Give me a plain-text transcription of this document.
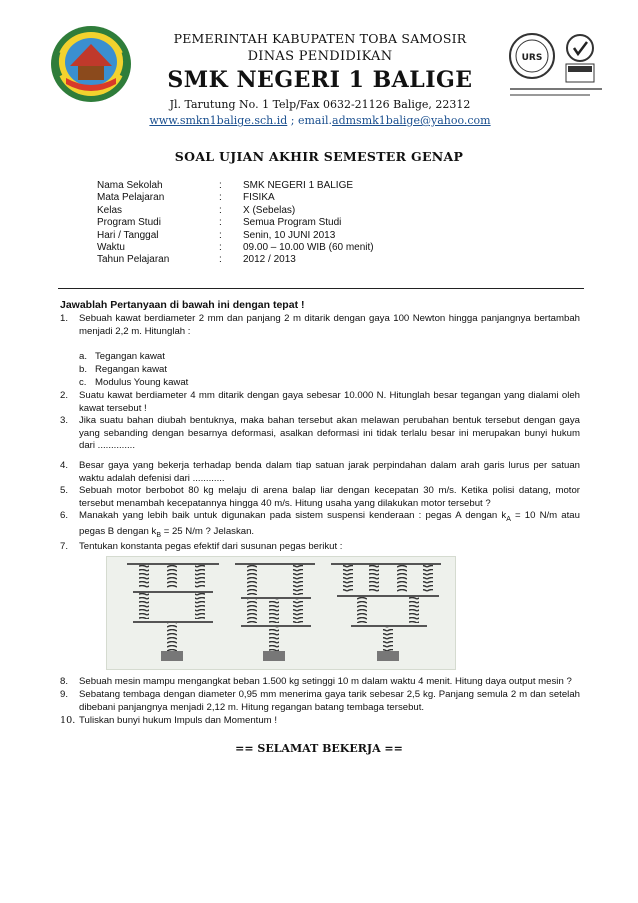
URS
PEMERINTAH KABUPATEN TOBA SAMOSIR
DINAS PENDIDIKAN
SMK NEGERI 1 BALIGE
Jl. Tarutung No. 1 Telp/Fax 0632-21126 Balige, 22312
www.smkn1balige.sch.id ; email.admsmk1balige@yahoo.com
SOAL UJIAN AKHIR SEMESTER GENAP
Nama Sekolah	: SMK NEGERI 1 BALIGE
Mata Pelajaran	: FISIKA
Kelas	: X (Sebelas)
Program Studi	: Semua Program Studi
Hari / Tanggal	: Senin, 10 JUNI 2013
Waktu	: 09.00 – 10.00 WIB (60 menit)
Tahun Pelajaran	: 2012 / 2013
Jawablah Pertanyaan di bawah ini dengan tepat !
1. Sebuah kawat berdiameter 2 mm dan panjang 2 m ditarik dengan gaya 100 Newton hingga panjangnya bertambah menjadi 2,2 m. Hitunglah :
a. Tegangan kawat
b. Regangan kawat
c. Modulus Young kawat
2. Suatu kawat berdiameter 4 mm ditarik dengan gaya sebesar 10.000 N. Hitunglah besar tegangan yang dialami oleh kawat tersebut !
3. Jika suatu bahan diubah bentuknya, maka bahan tersebut akan melawan perubahan bentuk tersebut dengan gaya yang sebanding dengan besarnya deformasi, asalkan deformasi ini tidak terlalu besar ini merupakan bunyi hukum dari ..............
4. Besar gaya yang bekerja terhadap benda dalam tiap satuan jarak perpindahan dalam arah garis lurus per satuan waktu adalah defenisi dari ............
5. Sebuah motor berbobot 80 kg melaju di arena balap liar dengan kecepatan 30 m/s. Ketika polisi datang, motor tersebut menambah kecepatannya hingga 40 m/s. Hitung usaha yang dilakukan motor tersebut ?
6. Manakah yang lebih baik untuk digunakan pada sistem suspensi kenderaan : pegas A dengan $k_A = 10$ N/m atau pegas B dengan $k_B = 25$ N/m ? Jelaskan.
7. Tentukan konstanta pegas efektif dari susunan pegas berikut :
8. Sebuah mesin mampu mengangkat beban 1.500 kg setinggi 10 m dalam waktu 4 menit. Hitung daya output mesin ?
9. Sebatang tembaga dengan diameter 0,95 mm menerima gaya tarik sebesar 2,5 kg. Panjang semula 2 m dan setelah dibebani panjangnya menjadi 2,12 m. Hitung regangan batang tembaga tersebut.
10. Tuliskan bunyi hukum Impuls dan Momentum !
== SELAMAT BEKERJA ==
